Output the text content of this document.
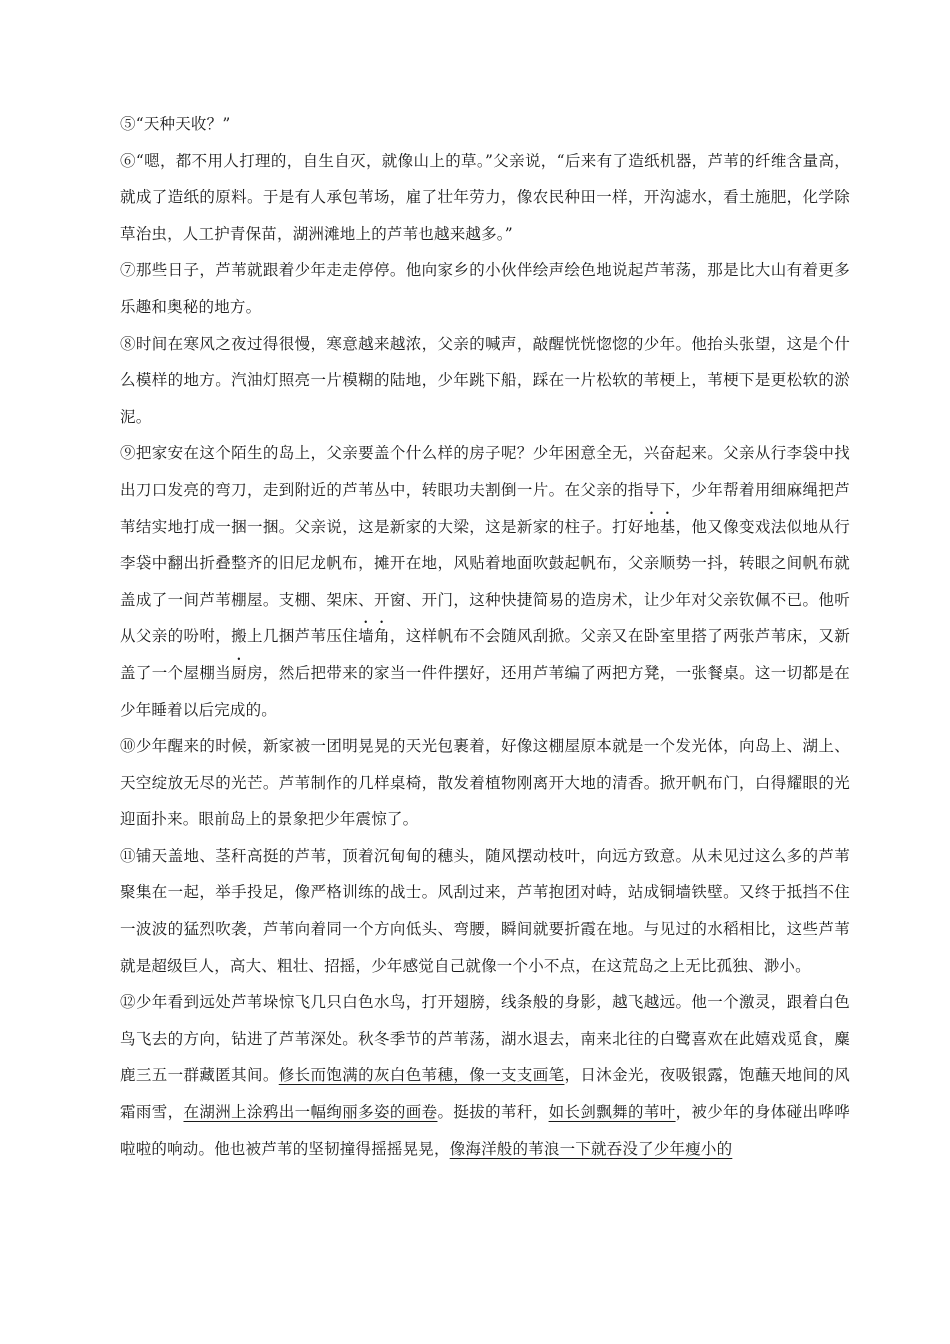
⑤“天种天收？”

⑥“嗯，都不用人打理的，自生自灭，就像山上的草。”父亲说，“后来有了造纸机器，芦苇的纤维含量高，就成了造纸的原料。于是有人承包苇场，雇了壮年劳力，像农民种田一样，开沟滤水，看土施肥，化学除草治虫，人工护青保苗，湖洲滩地上的芦苇也越来越多。”

⑦那些日子，芦苇就跟着少年走走停停。他向家乡的小伙伴绘声绘色地说起芦苇荡，那是比大山有着更多乐趣和奥秘的地方。

⑧时间在寒风之夜过得很慢，寒意越来越浓，父亲的喊声，敲醒恍恍惚惚的少年。他抬头张望，这是个什么模样的地方。汽油灯照亮一片模糊的陆地，少年跳下船，踩在一片松软的苇梗上，苇梗下是更松软的淤泥。

⑨把家安在这个陌生的岛上，父亲要盖个什么样的房子呢？少年困意全无，兴奋起来。父亲从行李袋中找出刀口发亮的弯刀，走到附近的芦苇丛中，转眼功夫割倒一片。在父亲的指导下，少年帮着用细麻绳把芦苇结实地打成一捆一捆。父亲说，这是新家的大梁，这是新家的柱子。打好地基，他又像变戏法似地从行李袋中翻出折叠整齐的旧尼龙帆布，摊开在地，风贴着地面吹鼓起帆布，父亲顺势一抖，转眼之间帆布就盖成了一间芦苇棚屋。支棚、架床、开窗、开门，这种快捷简易的造房术，让少年对父亲钦佩不已。他听从父亲的吩咐，搬上几捆芦苇压住墙角，这样帆布不会随风刮掀。父亲又在卧室里搭了两张芦苇床，又新盖了一个屋棚当厨房，然后把带来的家当一件件摆好，还用芦苇编了两把方凳，一张餐桌。这一切都是在少年睡着以后完成的。

⑩少年醒来的时候，新家被一团明晃晃的天光包裹着，好像这棚屋原本就是一个发光体，向岛上、湖上、天空绽放无尽的光芒。芦苇制作的几样桌椅，散发着植物刚离开大地的清香。掀开帆布门，白得耀眼的光迎面扑来。眼前岛上的景象把少年震惊了。

⑪铺天盖地、茎秆高挺的芦苇，顶着沉甸甸的穗头，随风摆动枝叶，向远方致意。从未见过这么多的芦苇聚集在一起，举手投足，像严格训练的战士。风刮过来，芦苇抱团对峙，站成铜墙铁壁。又终于抵挡不住一波波的猛烈吹袭，芦苇向着同一个方向低头、弯腰，瞬间就要折霞在地。与见过的水稻相比，这些芦苇就是超级巨人，高大、粗壮、招摇，少年感觉自己就像一个小不点，在这荒岛之上无比孤独、渺小。

⑫少年看到远处芦苇垛惊飞几只白色水鸟，打开翅膀，线条般的身影，越飞越远。他一个激灵，跟着白色鸟飞去的方向，钻进了芦苇深处。秋冬季节的芦苇荡，湖水退去，南来北往的白鹭喜欢在此嬉戏觅食，麋鹿三五一群藏匿其间。修长而饱满的灰白色苇穗，像一支支画笔，日沐金光，夜吸银露，饱蘸天地间的风霜雨雪，在湖洲上涂鸦出一幅绚丽多姿的画卷。挺拔的苇秆，如长剑飘舞的苇叶，被少年的身体碰出哗哗啦啦的响动。他也被芦苇的坚韧撞得摇摇晃晃，像海洋般的苇浪一下就吞没了少年瘦小的
